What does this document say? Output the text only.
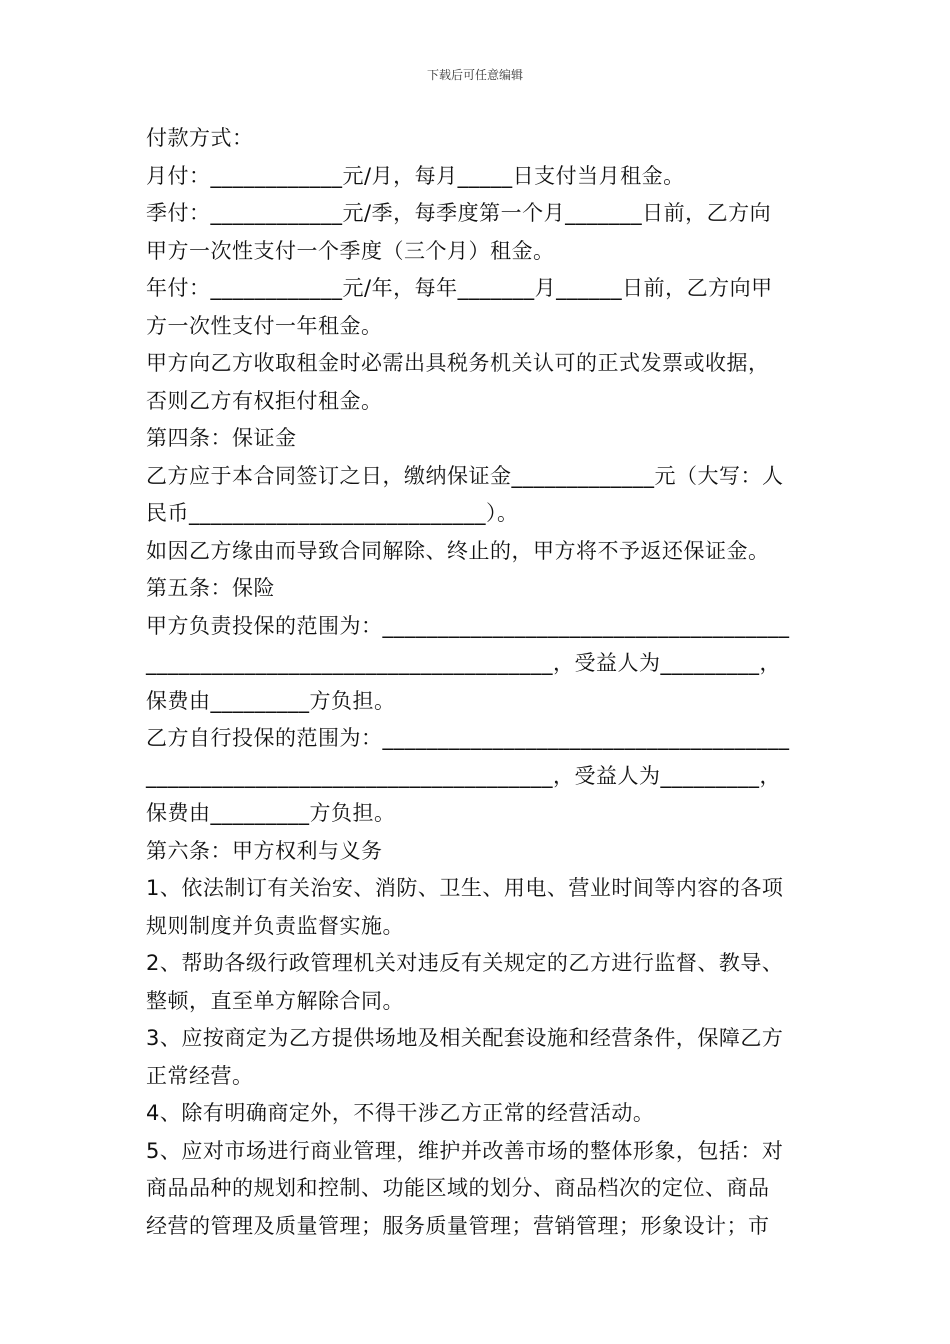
下载后可任意编辑

付款方式：

月付：____________元/月，每月_____日支付当月租金。

季付：____________元/季，每季度第一个月_______日前，乙方向

甲方一次性支付一个季度（三个月）租金。

年付：____________元/年，每年_______月______日前，乙方向甲

方一次性支付一年租金。

甲方向乙方收取租金时必需出具税务机关认可的正式发票或收据，

否则乙方有权拒付租金。

第四条：保证金

乙方应于本合同签订之日，缴纳保证金_____________元（大写：人

民币___________________________）。

如因乙方缘由而导致合同解除、终止的，甲方将不予返还保证金。

第五条：保险

甲方负责投保的范围为：_____________________________________

_____________________________________，受益人为_________，

保费由_________方负担。

乙方自行投保的范围为：_____________________________________

_____________________________________，受益人为_________，

保费由_________方负担。

第六条：甲方权利与义务

1、依法制订有关治安、消防、卫生、用电、营业时间等内容的各项

规则制度并负责监督实施。

2、帮助各级行政管理机关对违反有关规定的乙方进行监督、教导、

整顿，直至单方解除合同。

3、应按商定为乙方提供场地及相关配套设施和经营条件，保障乙方

正常经营。

4、除有明确商定外，不得干涉乙方正常的经营活动。

5、应对市场进行商业管理，维护并改善市场的整体形象，包括：对

商品品种的规划和控制、功能区域的划分、商品档次的定位、商品

经营的管理及质量管理；服务质量管理；营销管理；形象设计；市
